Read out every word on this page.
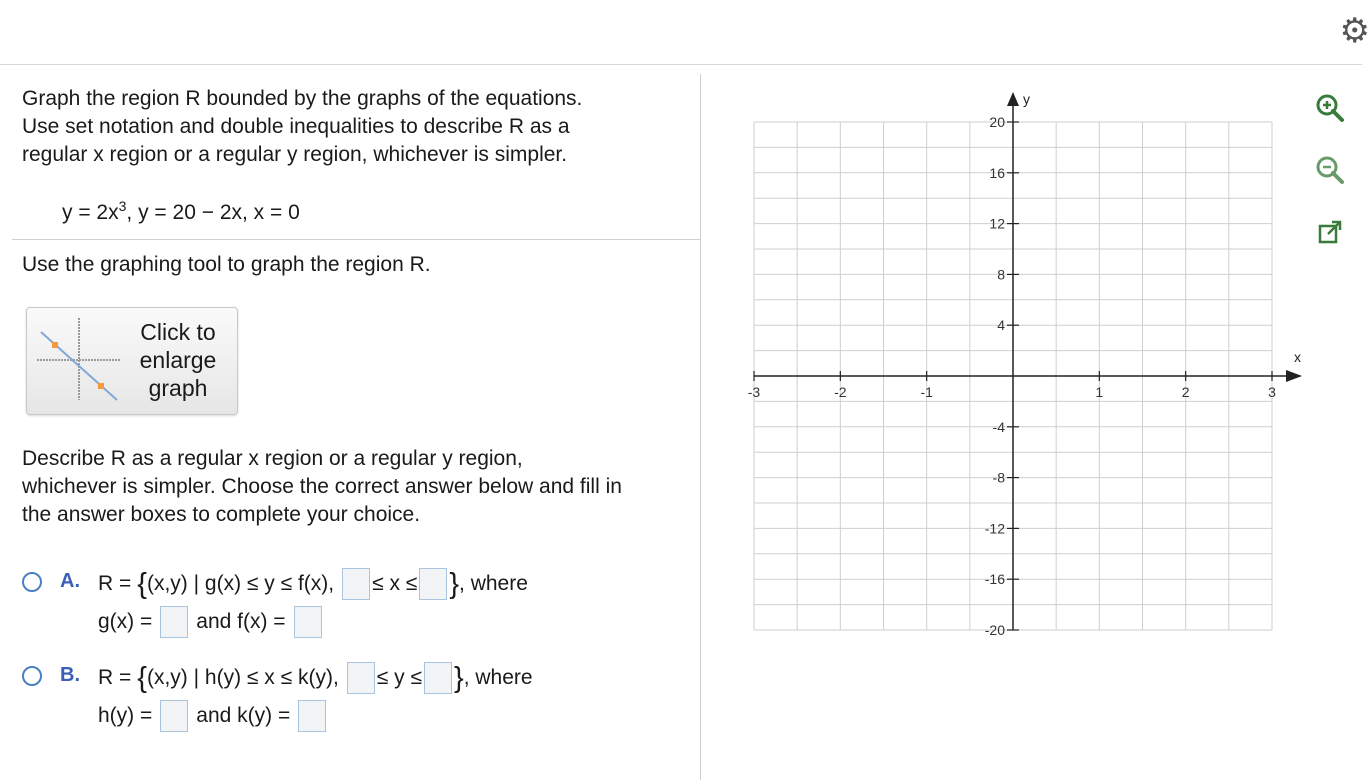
⚙

Graph the region R bounded by the graphs of the equations.

Use set notation and double inequalities to describe R as a

regular x region or a regular y region, whichever is simpler.

$y = 2x^3$, y = 20 − 2x, x = 0

Use the graphing tool to graph the region R.

Click to
enlarge
graph

Describe R as a regular x region or a regular y region,

whichever is simpler. Choose the correct answer below and fill in

the answer boxes to complete your choice.

A. R = { (x,y) | g(x) ≤ y ≤ f(x), ≤ x ≤ } , where
g(x) = and f(x) =
B. R = { (x,y) | h(y) ≤ x ≤ k(y), ≤ y ≤ } , where
h(y) = and k(y) =
x
y
-3	-2	-1	1	2	3
-20
-16
-12
-8
-4
4
8
12
16
20
